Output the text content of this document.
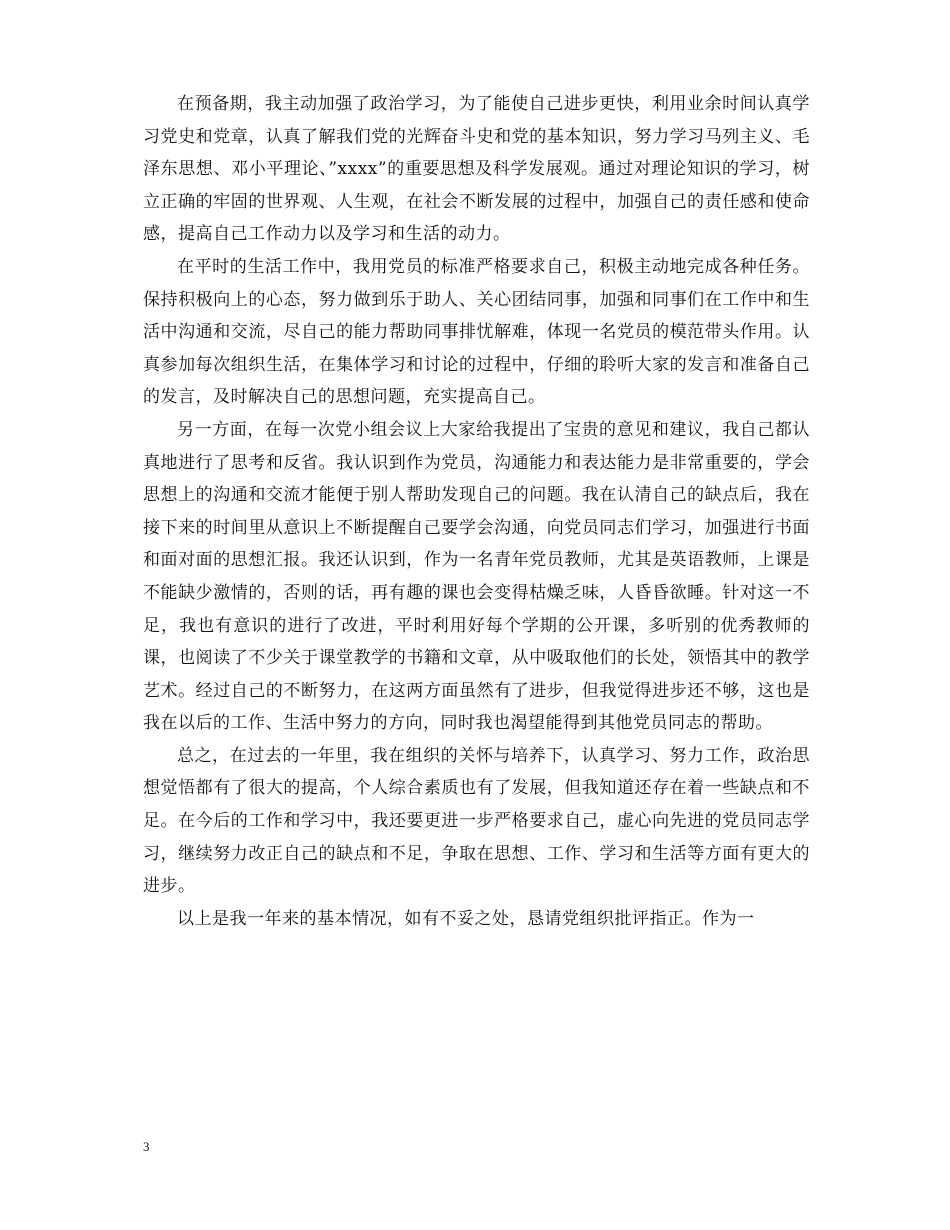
在预备期，我主动加强了政治学习，为了能使自己进步更快，利用业余时间认真学习党史和党章，认真了解我们党的光辉奋斗史和党的基本知识，努力学习马列主义、毛泽东思想、邓小平理论、”xxxx”的重要思想及科学发展观。通过对理论知识的学习，树立正确的牢固的世界观、人生观，在社会不断发展的过程中，加强自己的责任感和使命感，提高自己工作动力以及学习和生活的动力。

在平时的生活工作中，我用党员的标准严格要求自己，积极主动地完成各种任务。保持积极向上的心态，努力做到乐于助人、关心团结同事，加强和同事们在工作中和生活中沟通和交流，尽自己的能力帮助同事排忧解难，体现一名党员的模范带头作用。认真参加每次组织生活，在集体学习和讨论的过程中，仔细的聆听大家的发言和准备自己的发言，及时解决自己的思想问题，充实提高自己。

另一方面，在每一次党小组会议上大家给我提出了宝贵的意见和建议，我自己都认真地进行了思考和反省。我认识到作为党员，沟通能力和表达能力是非常重要的，学会思想上的沟通和交流才能便于别人帮助发现自己的问题。我在认清自己的缺点后，我在接下来的时间里从意识上不断提醒自己要学会沟通，向党员同志们学习，加强进行书面和面对面的思想汇报。我还认识到，作为一名青年党员教师，尤其是英语教师，上课是不能缺少激情的，否则的话，再有趣的课也会变得枯燥乏味，人昏昏欲睡。针对这一不足，我也有意识的进行了改进，平时利用好每个学期的公开课，多听别的优秀教师的课，也阅读了不少关于课堂教学的书籍和文章，从中吸取他们的长处，领悟其中的教学艺术。经过自己的不断努力，在这两方面虽然有了进步，但我觉得进步还不够，这也是我在以后的工作、生活中努力的方向，同时我也渴望能得到其他党员同志的帮助。

总之，在过去的一年里，我在组织的关怀与培养下，认真学习、努力工作，政治思想觉悟都有了很大的提高，个人综合素质也有了发展，但我知道还存在着一些缺点和不足。在今后的工作和学习中，我还要更进一步严格要求自己，虚心向先进的党员同志学习，继续努力改正自己的缺点和不足，争取在思想、工作、学习和生活等方面有更大的进步。

以上是我一年来的基本情况，如有不妥之处，恳请党组织批评指正。作为一

3
